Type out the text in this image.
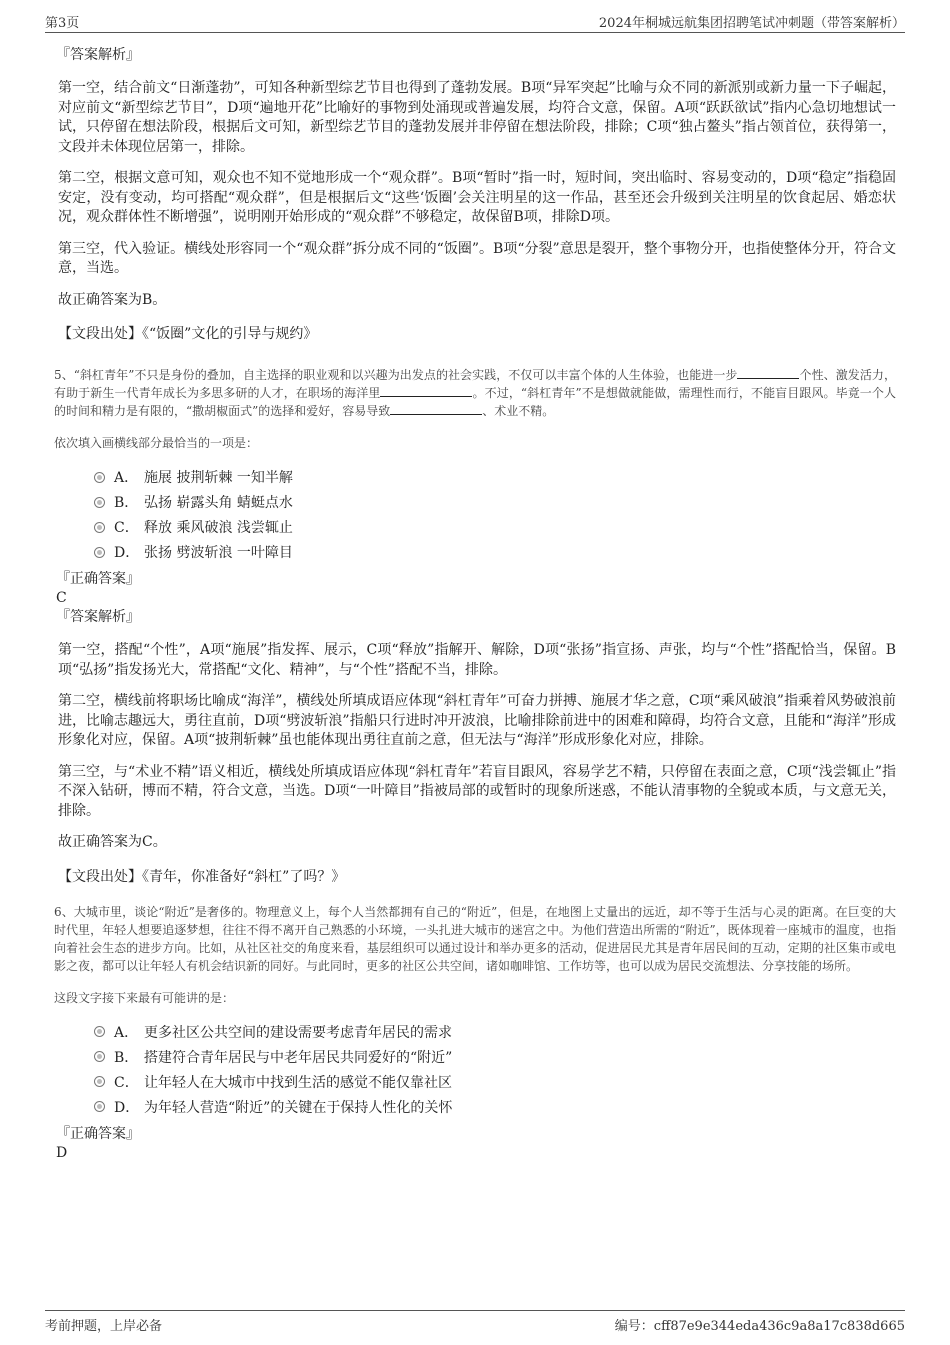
第3页	2024年桐城远航集团招聘笔试冲刺题（带答案解析）

『答案解析』

第一空，结合前文“日渐蓬勃”，可知各种新型综艺节目也得到了蓬勃发展。B项“异军突起”比喻与众不同的新派别或新力量一下子崛起，对应前文“新型综艺节目”，D项“遍地开花”比喻好的事物到处涌现或普遍发展，均符合文意，保留。A项“跃跃欲试”指内心急切地想试一试，只停留在想法阶段，根据后文可知，新型综艺节目的蓬勃发展并非停留在想法阶段，排除；C项“独占鳌头”指占领首位，获得第一，文段并未体现位居第一，排除。

第二空，根据文意可知，观众也不知不觉地形成一个“观众群”。B项“暂时”指一时，短时间，突出临时、容易变动的，D项“稳定”指稳固安定，没有变动，均可搭配“观众群”，但是根据后文“这些‘饭圈’会关注明星的这一作品，甚至还会升级到关注明星的饮食起居、婚恋状况，观众群体性不断增强”，说明刚开始形成的“观众群”不够稳定，故保留B项，排除D项。

第三空，代入验证。横线处形容同一个“观众群”拆分成不同的“饭圈”。B项“分裂”意思是裂开，整个事物分开，也指使整体分开，符合文意，当选。

故正确答案为B。

【文段出处】《“饭圈”文化的引导与规约》

5、“斜杠青年”不只是身份的叠加，自主选择的职业观和以兴趣为出发点的社会实践，不仅可以丰富个体的人生体验，也能进一步	个性、激发活力，有助于新生一代青年成长为多思多研的人才，在职场的海洋里	。不过，“斜杠青年”不是想做就能做，需理性而行，不能盲目跟风。毕竟一个人的时间和精力是有限的，“撒胡椒面式”的选择和爱好，容易导致	、术业不精。

依次填入画横线部分最恰当的一项是：

A． 施展 披荆斩棘 一知半解
B． 弘扬 崭露头角 蜻蜓点水
C． 释放 乘风破浪 浅尝辄止
D． 张扬 劈波斩浪 一叶障目

『正确答案』

C

『答案解析』

第一空，搭配“个性”，A项“施展”指发挥、展示，C项“释放”指解开、解除，D项“张扬”指宣扬、声张，均与“个性”搭配恰当，保留。B项“弘扬”指发扬光大，常搭配“文化、精神”，与“个性”搭配不当，排除。

第二空，横线前将职场比喻成“海洋”，横线处所填成语应体现“斜杠青年”可奋力拼搏、施展才华之意，C项“乘风破浪”指乘着风势破浪前进，比喻志趣远大，勇往直前，D项“劈波斩浪”指船只行进时冲开波浪，比喻排除前进中的困难和障碍，均符合文意，且能和“海洋”形成形象化对应，保留。A项“披荆斩棘”虽也能体现出勇往直前之意，但无法与“海洋”形成形象化对应，排除。

第三空，与“术业不精”语义相近，横线处所填成语应体现“斜杠青年”若盲目跟风，容易学艺不精，只停留在表面之意，C项“浅尝辄止”指不深入钻研，博而不精，符合文意，当选。D项“一叶障目”指被局部的或暂时的现象所迷惑，不能认清事物的全貌或本质，与文意无关，排除。

故正确答案为C。

【文段出处】《青年，你准备好“斜杠”了吗？》

6、大城市里，谈论“附近”是奢侈的。物理意义上，每个人当然都拥有自己的“附近”，但是，在地图上丈量出的远近，却不等于生活与心灵的距离。在巨变的大时代里，年轻人想要追逐梦想，往往不得不离开自己熟悉的小环境，一头扎进大城市的迷宫之中。为他们营造出所需的“附近”，既体现着一座城市的温度，也指向着社会生态的进步方向。比如，从社区社交的角度来看，基层组织可以通过设计和举办更多的活动，促进居民尤其是青年居民间的互动，定期的社区集市或电影之夜，都可以让年轻人有机会结识新的同好。与此同时，更多的社区公共空间，诸如咖啡馆、工作坊等，也可以成为居民交流想法、分享技能的场所。

这段文字接下来最有可能讲的是：

A． 更多社区公共空间的建设需要考虑青年居民的需求
B． 搭建符合青年居民与中老年居民共同爱好的“附近”
C． 让年轻人在大城市中找到生活的感觉不能仅靠社区
D． 为年轻人营造“附近”的关键在于保持人性化的关怀

『正确答案』

D

考前押题，上岸必备	编号：cff87e9e344eda436c9a8a17c838d665
